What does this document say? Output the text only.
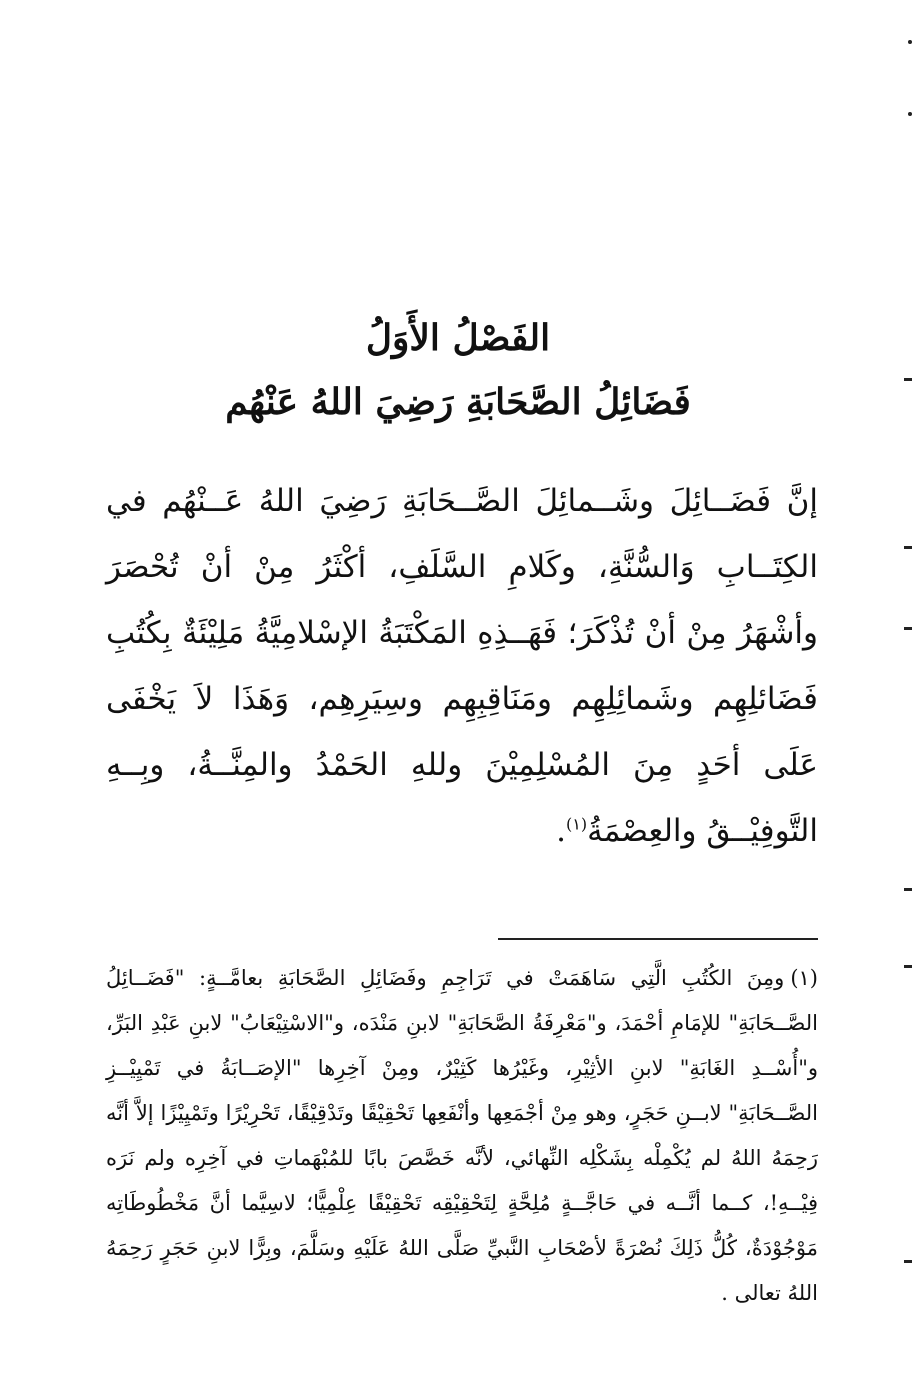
الفَصْلُ الأَوَلُ
فَضَائِلُ الصَّحَابَةِ رَضِيَ اللهُ عَنْهُم

إنَّ فَضَــائِلَ وشَــمائِلَ الصَّــحَابَةِ رَضِيَ اللهُ عَــنْهُم في الكِتَــابِ وَالسُّنَّةِ، وكَلامِ السَّلَفِ، أكْثَرُ مِنْ أنْ تُحْصَرَ وأشْهَرُ مِنْ أنْ تُذْكَرَ؛ فَهَــذِهِ المَكْتَبَةُ الإسْلامِيَّةُ مَلِيْئَةٌ بِكُتُبِ فَضَائلِهِم وشَمائِلِهِم ومَنَاقِبِهِم وسِيَرِهِم، وَهَذَا لاَ يَخْفَى عَلَى أحَدٍ مِنَ المُسْلِمِيْنَ وللهِ الحَمْدُ والمِنَّــةُ، وبِــهِ التَّوفِيْــقُ والعِصْمَةُ$^{(١)}$.

(١)ومِنَ الكُتُبِ الَّتِي سَاهَمَتْ في تَرَاجِمِ وفَضَائِلِ الصَّحَابَةِ بعامَّــةٍ: "فَضَــائِلُ الصَّــحَابَةِ" للإمَامِ أحْمَدَ، و"مَعْرِفَةُ الصَّحَابَةِ" لابنِ مَنْدَه، و"الاسْتِيْعَابُ" لابنِ عَبْدِ البَرِّ، و"أُسْــدِ الغَابَةِ" لابنِ الأثِيْرِ، وغَيْرُها كَثِيْرٌ، ومِنْ آخِرِها "الإصَــابَةُ في تَمْيِيْــزِ الصَّــحَابَةِ" لابــنِ حَجَرٍ، وهو مِنْ أجْمَعِها وأنْفَعِها تَحْقِيْقًا وتَدْقِيْقًا، تَحْرِيْرًا وتَمْيِيْزًا إلاَّ أنَّه رَحِمَهُ اللهُ لم يُكْمِلْه بِشَكْلِه النِّهائي، لأنَّه خَصَّصَ بابًا للمُبْهَماتِ في آخِرِه ولم نَرَه فِيْــهِ!، كــما أنَّــه في حَاجَّــةٍ مُلِحَّةٍ لِتَحْقِيْقِه تَحْقِيْقًا عِلْمِيًّا؛ لاسِيَّما أنَّ مَخْطُوطَاتِه مَوْجُوْدَةٌ، كُلُّ ذَلِكَ نُصْرَةً لأصْحَابِ النَّبيِّ صَلَّى اللهُ عَلَيْهِ وسَلَّمَ، وبِرًّا لابنِ حَجَرٍ رَحِمَهُ اللهُ تعالى .
